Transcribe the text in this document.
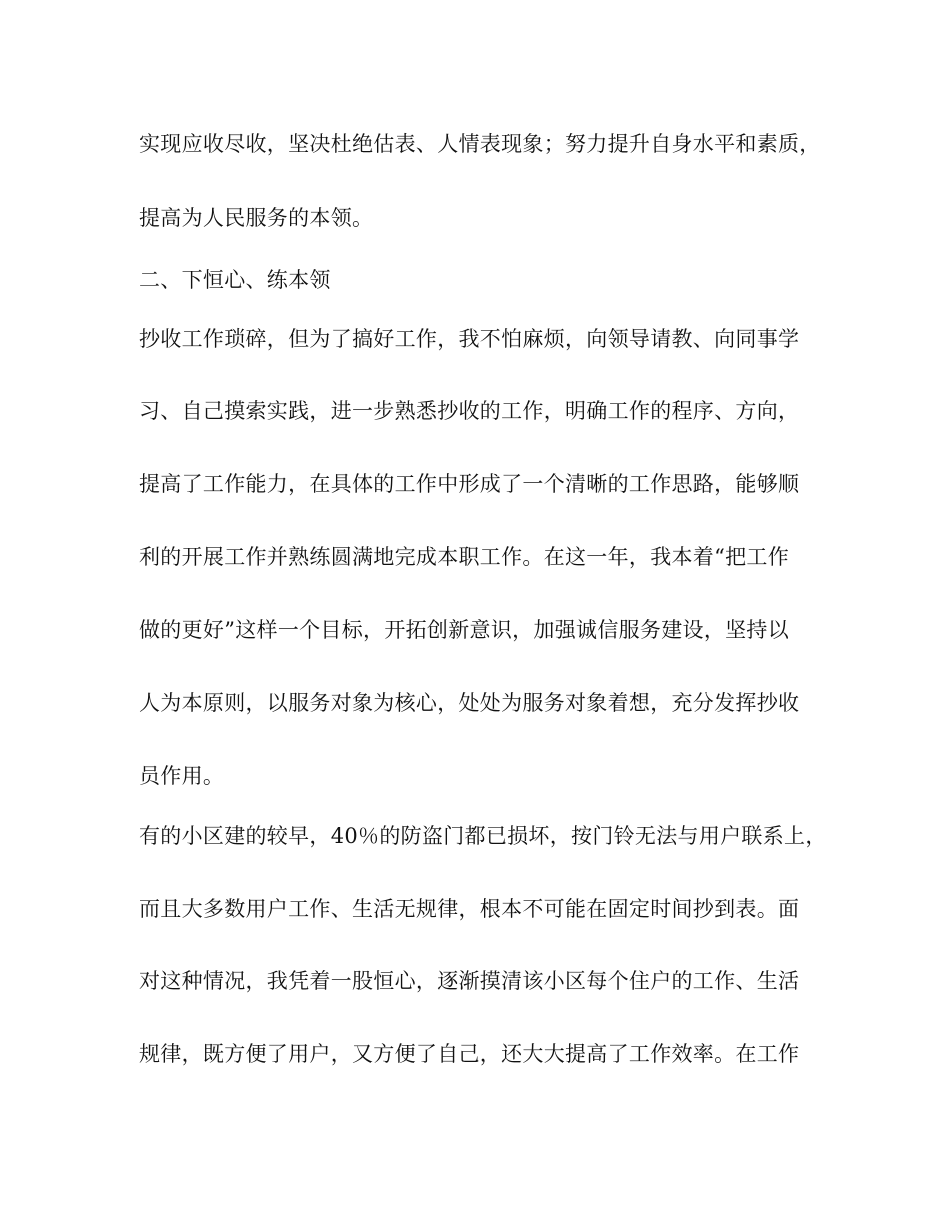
实现应收尽收，坚决杜绝估表、人情表现象；努力提升自身水平和素质，
提高为人民服务的本领。
二、下恒心、练本领
抄收工作琐碎，但为了搞好工作，我不怕麻烦，向领导请教、向同事学
习、自己摸索实践，进一步熟悉抄收的工作，明确工作的程序、方向，
提高了工作能力，在具体的工作中形成了一个清晰的工作思路，能够顺
利的开展工作并熟练圆满地完成本职工作。在这一年，我本着“把工作
做的更好”这样一个目标，开拓创新意识，加强诚信服务建设，坚持以
人为本原则，以服务对象为核心，处处为服务对象着想，充分发挥抄收
员作用。
有的小区建的较早，40％的防盗门都已损坏，按门铃无法与用户联系上，
而且大多数用户工作、生活无规律，根本不可能在固定时间抄到表。面
对这种情况，我凭着一股恒心，逐渐摸清该小区每个住户的工作、生活
规律，既方便了用户，又方便了自己，还大大提高了工作效率。在工作
